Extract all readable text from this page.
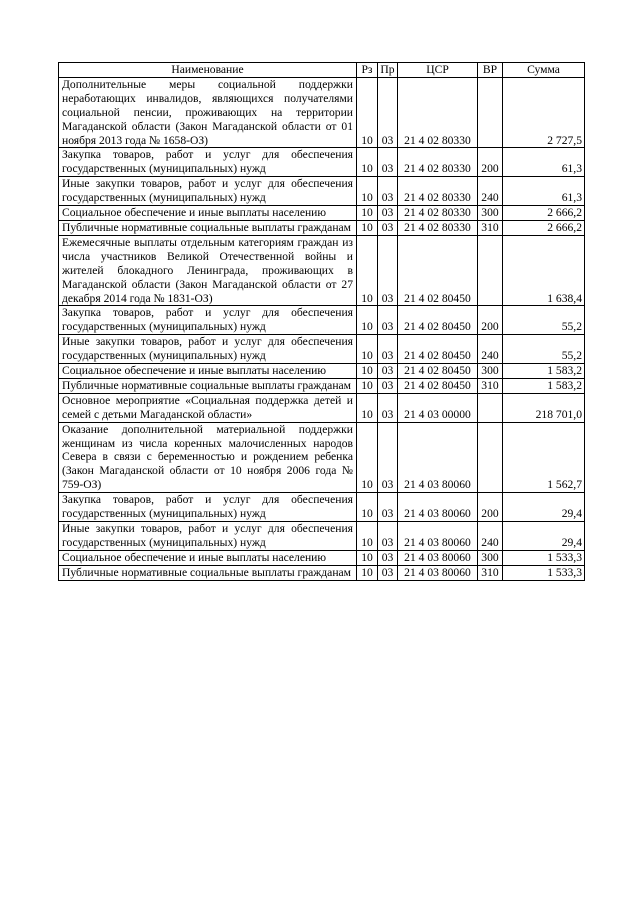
Наименование	Рз	Пр	ЦСР	ВР	Сумма
Дополнительные меры социальной поддержки неработающих инвалидов, являющихся получателями социальной пенсии, проживающих на территории Магаданской области (Закон Магаданской области от 01 ноября 2013 года № 1658-ОЗ)	10	03	21 4 02 80330		2 727,5
Закупка товаров, работ и услуг для обеспечения государственных (муниципальных) нужд	10	03	21 4 02 80330	200	61,3
Иные закупки товаров, работ и услуг для обеспечения государственных (муниципальных) нужд	10	03	21 4 02 80330	240	61,3
Социальное обеспечение и иные выплаты населению	10	03	21 4 02 80330	300	2 666,2
Публичные нормативные социальные выплаты гражданам	10	03	21 4 02 80330	310	2 666,2
Ежемесячные выплаты отдельным категориям граждан из числа участников Великой Отечественной войны и жителей блокадного Ленинграда, проживающих в Магаданской области (Закон Магаданской области от 27 декабря 2014 года № 1831-ОЗ)	10	03	21 4 02 80450		1 638,4
Закупка товаров, работ и услуг для обеспечения государственных (муниципальных) нужд	10	03	21 4 02 80450	200	55,2
Иные закупки товаров, работ и услуг для обеспечения государственных (муниципальных) нужд	10	03	21 4 02 80450	240	55,2
Социальное обеспечение и иные выплаты населению	10	03	21 4 02 80450	300	1 583,2
Публичные нормативные социальные выплаты гражданам	10	03	21 4 02 80450	310	1 583,2
Основное мероприятие «Социальная поддержка детей и семей с детьми Магаданской области»	10	03	21 4 03 00000		218 701,0
Оказание дополнительной материальной поддержки женщинам из числа коренных малочисленных народов Севера в связи с беременностью и рождением ребенка (Закон Магаданской области от 10 ноября 2006 года № 759-ОЗ)	10	03	21 4 03 80060		1 562,7
Закупка товаров, работ и услуг для обеспечения государственных (муниципальных) нужд	10	03	21 4 03 80060	200	29,4
Иные закупки товаров, работ и услуг для обеспечения государственных (муниципальных) нужд	10	03	21 4 03 80060	240	29,4
Социальное обеспечение и иные выплаты населению	10	03	21 4 03 80060	300	1 533,3
Публичные нормативные социальные выплаты гражданам	10	03	21 4 03 80060	310	1 533,3
